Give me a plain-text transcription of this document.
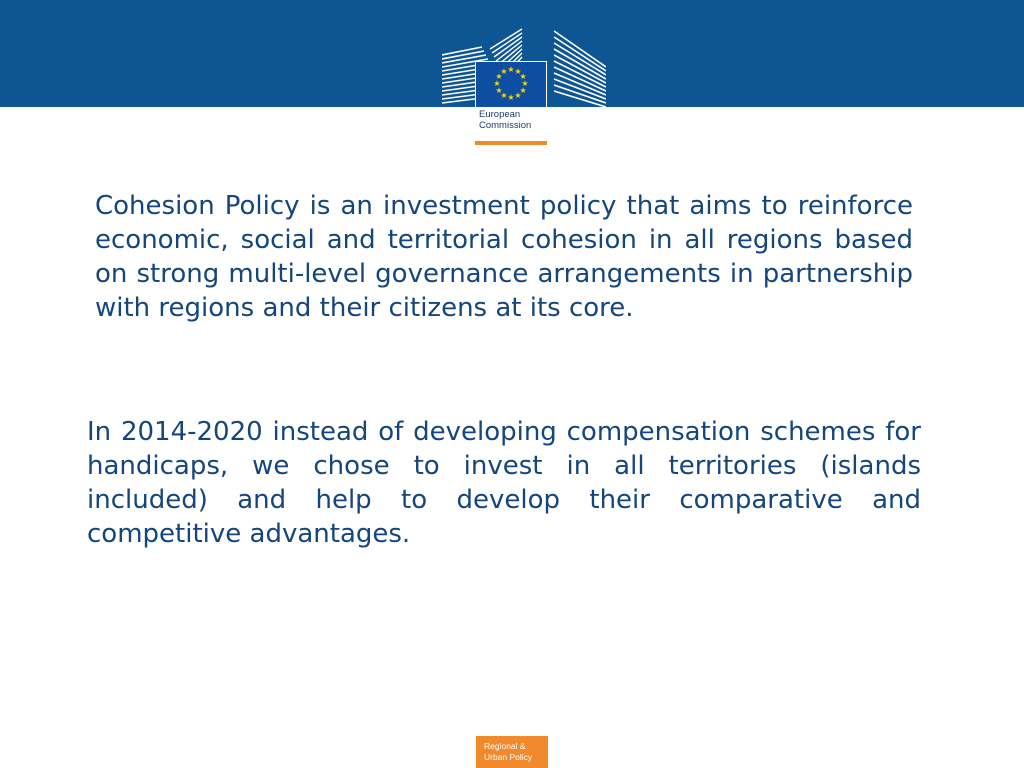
★ ★
★
★
★
★
★
★
★
★
★
★

European
Commission

Cohesion Policy is an investment policy that aims to reinforce economic, social and territorial cohesion in all regions based on strong multi-level governance arrangements in partnership with regions and their citizens at its core.

In 2014-2020 instead of developing compensation schemes for handicaps, we chose to invest in all territories (islands included) and help to develop their comparative and competitive advantages.

Regional &
Urban Policy
